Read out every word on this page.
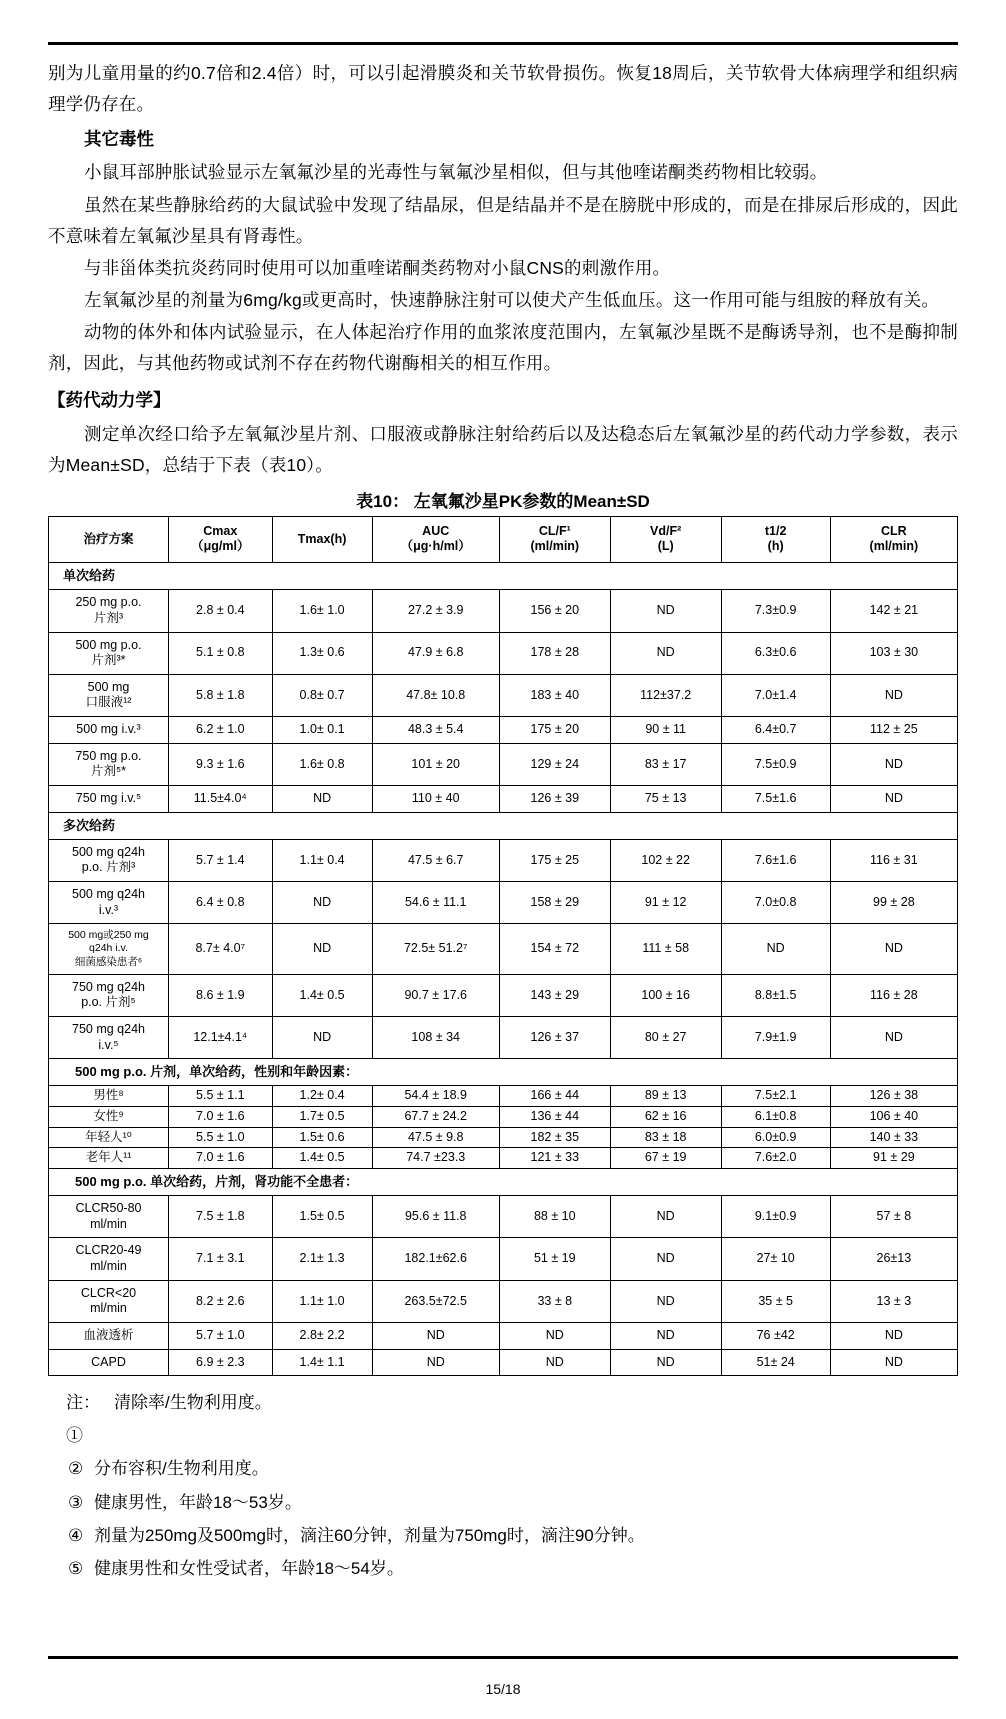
别为儿童用量的约0.7倍和2.4倍）时，可以引起滑膜炎和关节软骨损伤。恢复18周后，关节软骨大体病理学和组织病理学仍存在。

其它毒性

小鼠耳部肿胀试验显示左氧氟沙星的光毒性与氧氟沙星相似，但与其他喹诺酮类药物相比较弱。

虽然在某些静脉给药的大鼠试验中发现了结晶尿，但是结晶并不是在膀胱中形成的，而是在排尿后形成的，因此不意味着左氧氟沙星具有肾毒性。

与非甾体类抗炎药同时使用可以加重喹诺酮类药物对小鼠CNS的刺激作用。

左氧氟沙星的剂量为6mg/kg或更高时，快速静脉注射可以使犬产生低血压。这一作用可能与组胺的释放有关。

动物的体外和体内试验显示，在人体起治疗作用的血浆浓度范围内，左氧氟沙星既不是酶诱导剂，也不是酶抑制剂，因此，与其他药物或试剂不存在药物代谢酶相关的相互作用。

【药代动力学】

测定单次经口给予左氧氟沙星片剂、口服液或静脉注射给药后以及达稳态后左氧氟沙星的药代动力学参数，表示为Mean±SD，总结于下表（表10）。

表10： 左氧氟沙星PK参数的Mean±SD
治疗方案	Cmax
（μg/ml）	Tmax(h)	AUC
（μg·h/ml）	CL/F¹
(ml/min)	Vd/F²
(L)	t1/2
(h)	CLR
(ml/min)
单次给药							
250 mg p.o.
片剂³	2.8 ± 0.4	1.6± 1.0	27.2 ± 3.9	156 ± 20	ND	7.3±0.9	142 ± 21
500 mg p.o.
片剂³*	5.1 ± 0.8	1.3± 0.6	47.9 ± 6.8	178 ± 28	ND	6.3±0.6	103 ± 30
500 mg
口服液¹²	5.8 ± 1.8	0.8± 0.7	47.8± 10.8	183 ± 40	112±37.2	7.0±1.4	ND
500 mg i.v.³	6.2 ± 1.0	1.0± 0.1	48.3 ± 5.4	175 ± 20	90 ± 11	6.4±0.7	112 ± 25
750 mg p.o.
片剂⁵*	9.3 ± 1.6	1.6± 0.8	101 ± 20	129 ± 24	83 ± 17	7.5±0.9	ND
750 mg i.v.⁵	11.5±4.0⁴	ND	110 ± 40	126 ± 39	75 ± 13	7.5±1.6	ND
多次给药							
500 mg q24h
p.o. 片剂³	5.7 ± 1.4	1.1± 0.4	47.5 ± 6.7	175 ± 25	102 ± 22	7.6±1.6	116 ± 31
500 mg q24h
i.v.³	6.4 ± 0.8	ND	54.6 ± 11.1	158 ± 29	91 ± 12	7.0±0.8	99 ± 28
500 mg或250 mg
q24h i.v.
细菌感染患者⁶	8.7± 4.0⁷	ND	72.5± 51.2⁷	154 ± 72	111 ± 58	ND	ND
750 mg q24h
p.o. 片剂⁵	8.6 ± 1.9	1.4± 0.5	90.7 ± 17.6	143 ± 29	100 ± 16	8.8±1.5	116 ± 28
750 mg q24h
i.v.⁵	12.1±4.1⁴	ND	108 ± 34	126 ± 37	80 ± 27	7.9±1.9	ND
500 mg p.o. 片剂，单次给药，性别和年龄因素：							
男性⁸	5.5 ± 1.1	1.2± 0.4	54.4 ± 18.9	166 ± 44	89 ± 13	7.5±2.1	126 ± 38
女性⁹	7.0 ± 1.6	1.7± 0.5	67.7 ± 24.2	136 ± 44	62 ± 16	6.1±0.8	106 ± 40
年轻人¹⁰	5.5 ± 1.0	1.5± 0.6	47.5 ± 9.8	182 ± 35	83 ± 18	6.0±0.9	140 ± 33
老年人¹¹	7.0 ± 1.6	1.4± 0.5	74.7 ±23.3	121 ± 33	67 ± 19	7.6±2.0	91 ± 29
500 mg p.o. 单次给药，片剂，肾功能不全患者：							
CLCR50-80
ml/min	7.5 ± 1.8	1.5± 0.5	95.6 ± 11.8	88 ± 10	ND	9.1±0.9	57 ± 8
CLCR20-49
ml/min	7.1 ± 3.1	2.1± 1.3	182.1±62.6	51 ± 19	ND	27± 10	26±13
CLCR<20
ml/min	8.2 ± 2.6	1.1± 1.0	263.5±72.5	33 ± 8	ND	35 ± 5	13 ± 3
血液透析	5.7 ± 1.0	2.8± 2.2	ND	ND	ND	76 ±42	ND
CAPD	6.9 ± 2.3	1.4± 1.1	ND	ND	ND	51± 24	ND
注：①
清除率/生物利用度。
② 分布容积/生物利用度。
③ 健康男性，年龄18～53岁。
④ 剂量为250mg及500mg时，滴注60分钟，剂量为750mg时，滴注90分钟。
⑤ 健康男性和女性受试者，年龄18～54岁。
15/18
